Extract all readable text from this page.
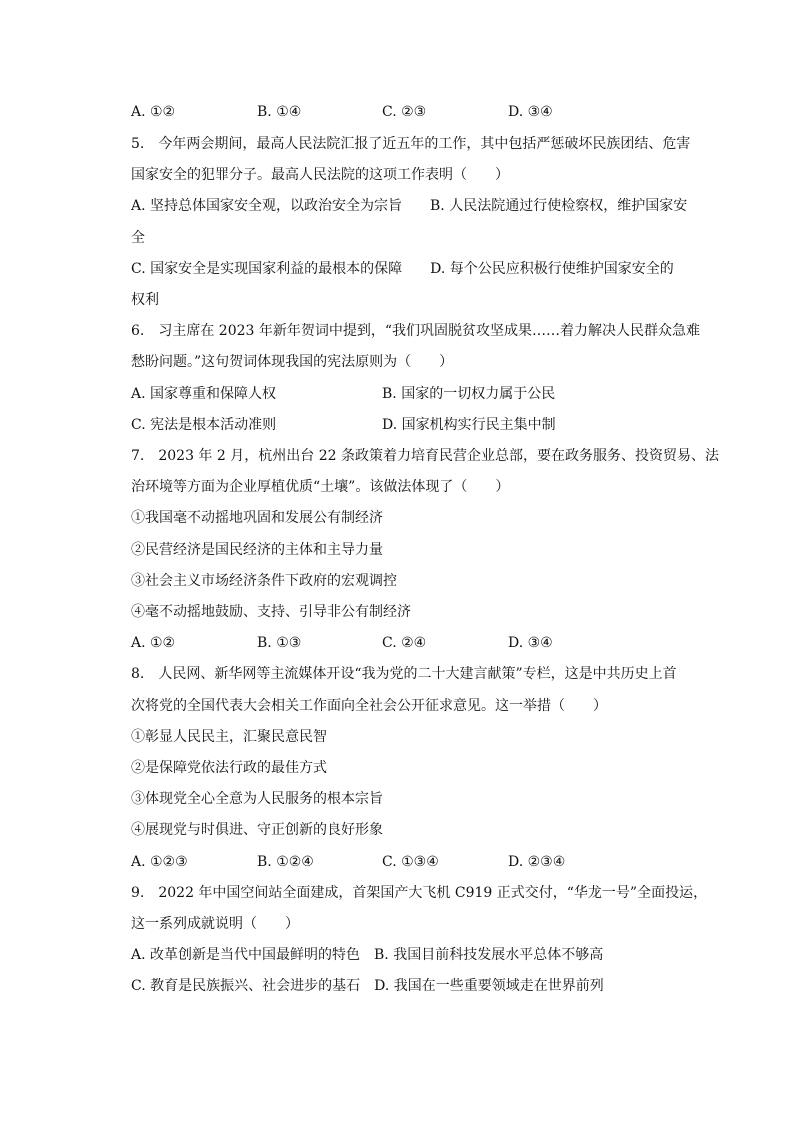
A. ①②	B. ①④	C. ②③	D. ③④
5.　今年两会期间，最高人民法院汇报了近五年的工作，其中包括严惩破坏民族团结、危害
国家安全的犯罪分子。最高人民法院的这项工作表明（　　）
A. 坚持总体国家安全观，以政治安全为宗旨　　B. 人民法院通过行使检察权，维护国家安
全
C. 国家安全是实现国家利益的最根本的保障　　D. 每个公民应积极行使维护国家安全的
权利
6.　习主席在 2023 年新年贺词中提到，“我们巩固脱贫攻坚成果……着力解决人民群众急难
愁盼问题。”这句贺词体现我国的宪法原则为（　　）
A. 国家尊重和保障人权	B. 国家的一切权力属于公民
C. 宪法是根本活动准则	D. 国家机构实行民主集中制
7.　2023 年 2 月，杭州出台 22 条政策着力培育民营企业总部，要在政务服务、投资贸易、法
治环境等方面为企业厚植优质“土壤”。该做法体现了（　　）
①我国毫不动摇地巩固和发展公有制经济
②民营经济是国民经济的主体和主导力量
③社会主义市场经济条件下政府的宏观调控
④毫不动摇地鼓励、支持、引导非公有制经济
A. ①②	B. ①③	C. ②④	D. ③④
8.　人民网、新华网等主流媒体开设“我为党的二十大建言献策”专栏，这是中共历史上首
次将党的全国代表大会相关工作面向全社会公开征求意见。这一举措（　　）
①彰显人民民主，汇聚民意民智
②是保障党依法行政的最佳方式
③体现党全心全意为人民服务的根本宗旨
④展现党与时俱进、守正创新的良好形象
A. ①②③	B. ①②④	C. ①③④	D. ②③④
9.　2022 年中国空间站全面建成，首架国产大飞机 C919 正式交付，“华龙一号”全面投运，
这一系列成就说明（　　）
A. 改革创新是当代中国最鲜明的特色　B. 我国目前科技发展水平总体不够高
C. 教育是民族振兴、社会进步的基石　D. 我国在一些重要领域走在世界前列
